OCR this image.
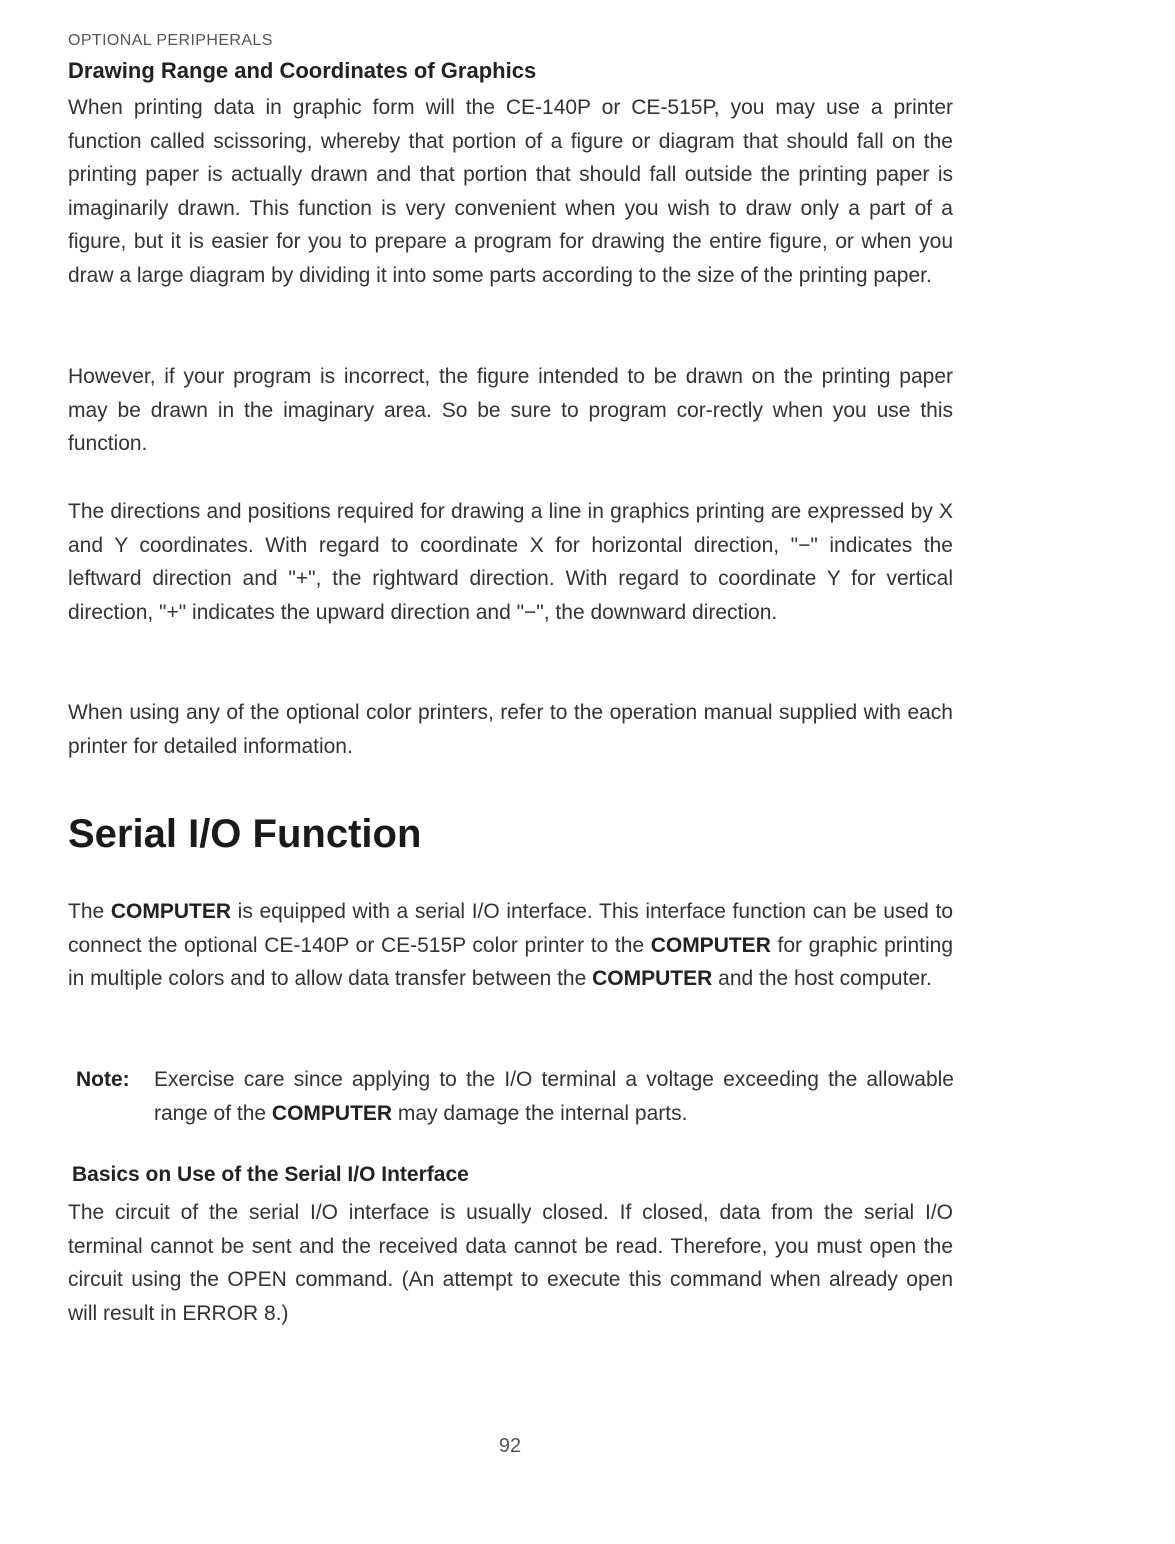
OPTIONAL PERIPHERALS
Drawing Range and Coordinates of Graphics

When printing data in graphic form will the CE-140P or CE-515P, you may use a printer function called scissoring, whereby that portion of a figure or diagram that should fall on the printing paper is actually drawn and that portion that should fall outside the printing paper is imaginarily drawn. This function is very convenient when you wish to draw only a part of a figure, but it is easier for you to prepare a program for drawing the entire figure, or when you draw a large diagram by dividing it into some parts according to the size of the printing paper.

However, if your program is incorrect, the figure intended to be drawn on the printing paper may be drawn in the imaginary area. So be sure to program cor-rectly when you use this function.

The directions and positions required for drawing a line in graphics printing are expressed by X and Y coordinates. With regard to coordinate X for horizontal direction, "−" indicates the leftward direction and "+", the rightward direction. With regard to coordinate Y for vertical direction, "+" indicates the upward direction and "−", the downward direction.

When using any of the optional color printers, refer to the operation manual supplied with each printer for detailed information.

Serial I/O Function

The COMPUTER is equipped with a serial I/O interface. This interface function can be used to connect the optional CE-140P or CE-515P color printer to the COMPUTER for graphic printing in multiple colors and to allow data transfer between the COMPUTER and the host computer.

Note: Exercise care since applying to the I/O terminal a voltage exceeding the allowable range of the COMPUTER may damage the internal parts.
Basics on Use of the Serial I/O Interface

The circuit of the serial I/O interface is usually closed. If closed, data from the serial I/O terminal cannot be sent and the received data cannot be read. Therefore, you must open the circuit using the OPEN command. (An attempt to execute this command when already open will result in ERROR 8.)

92
